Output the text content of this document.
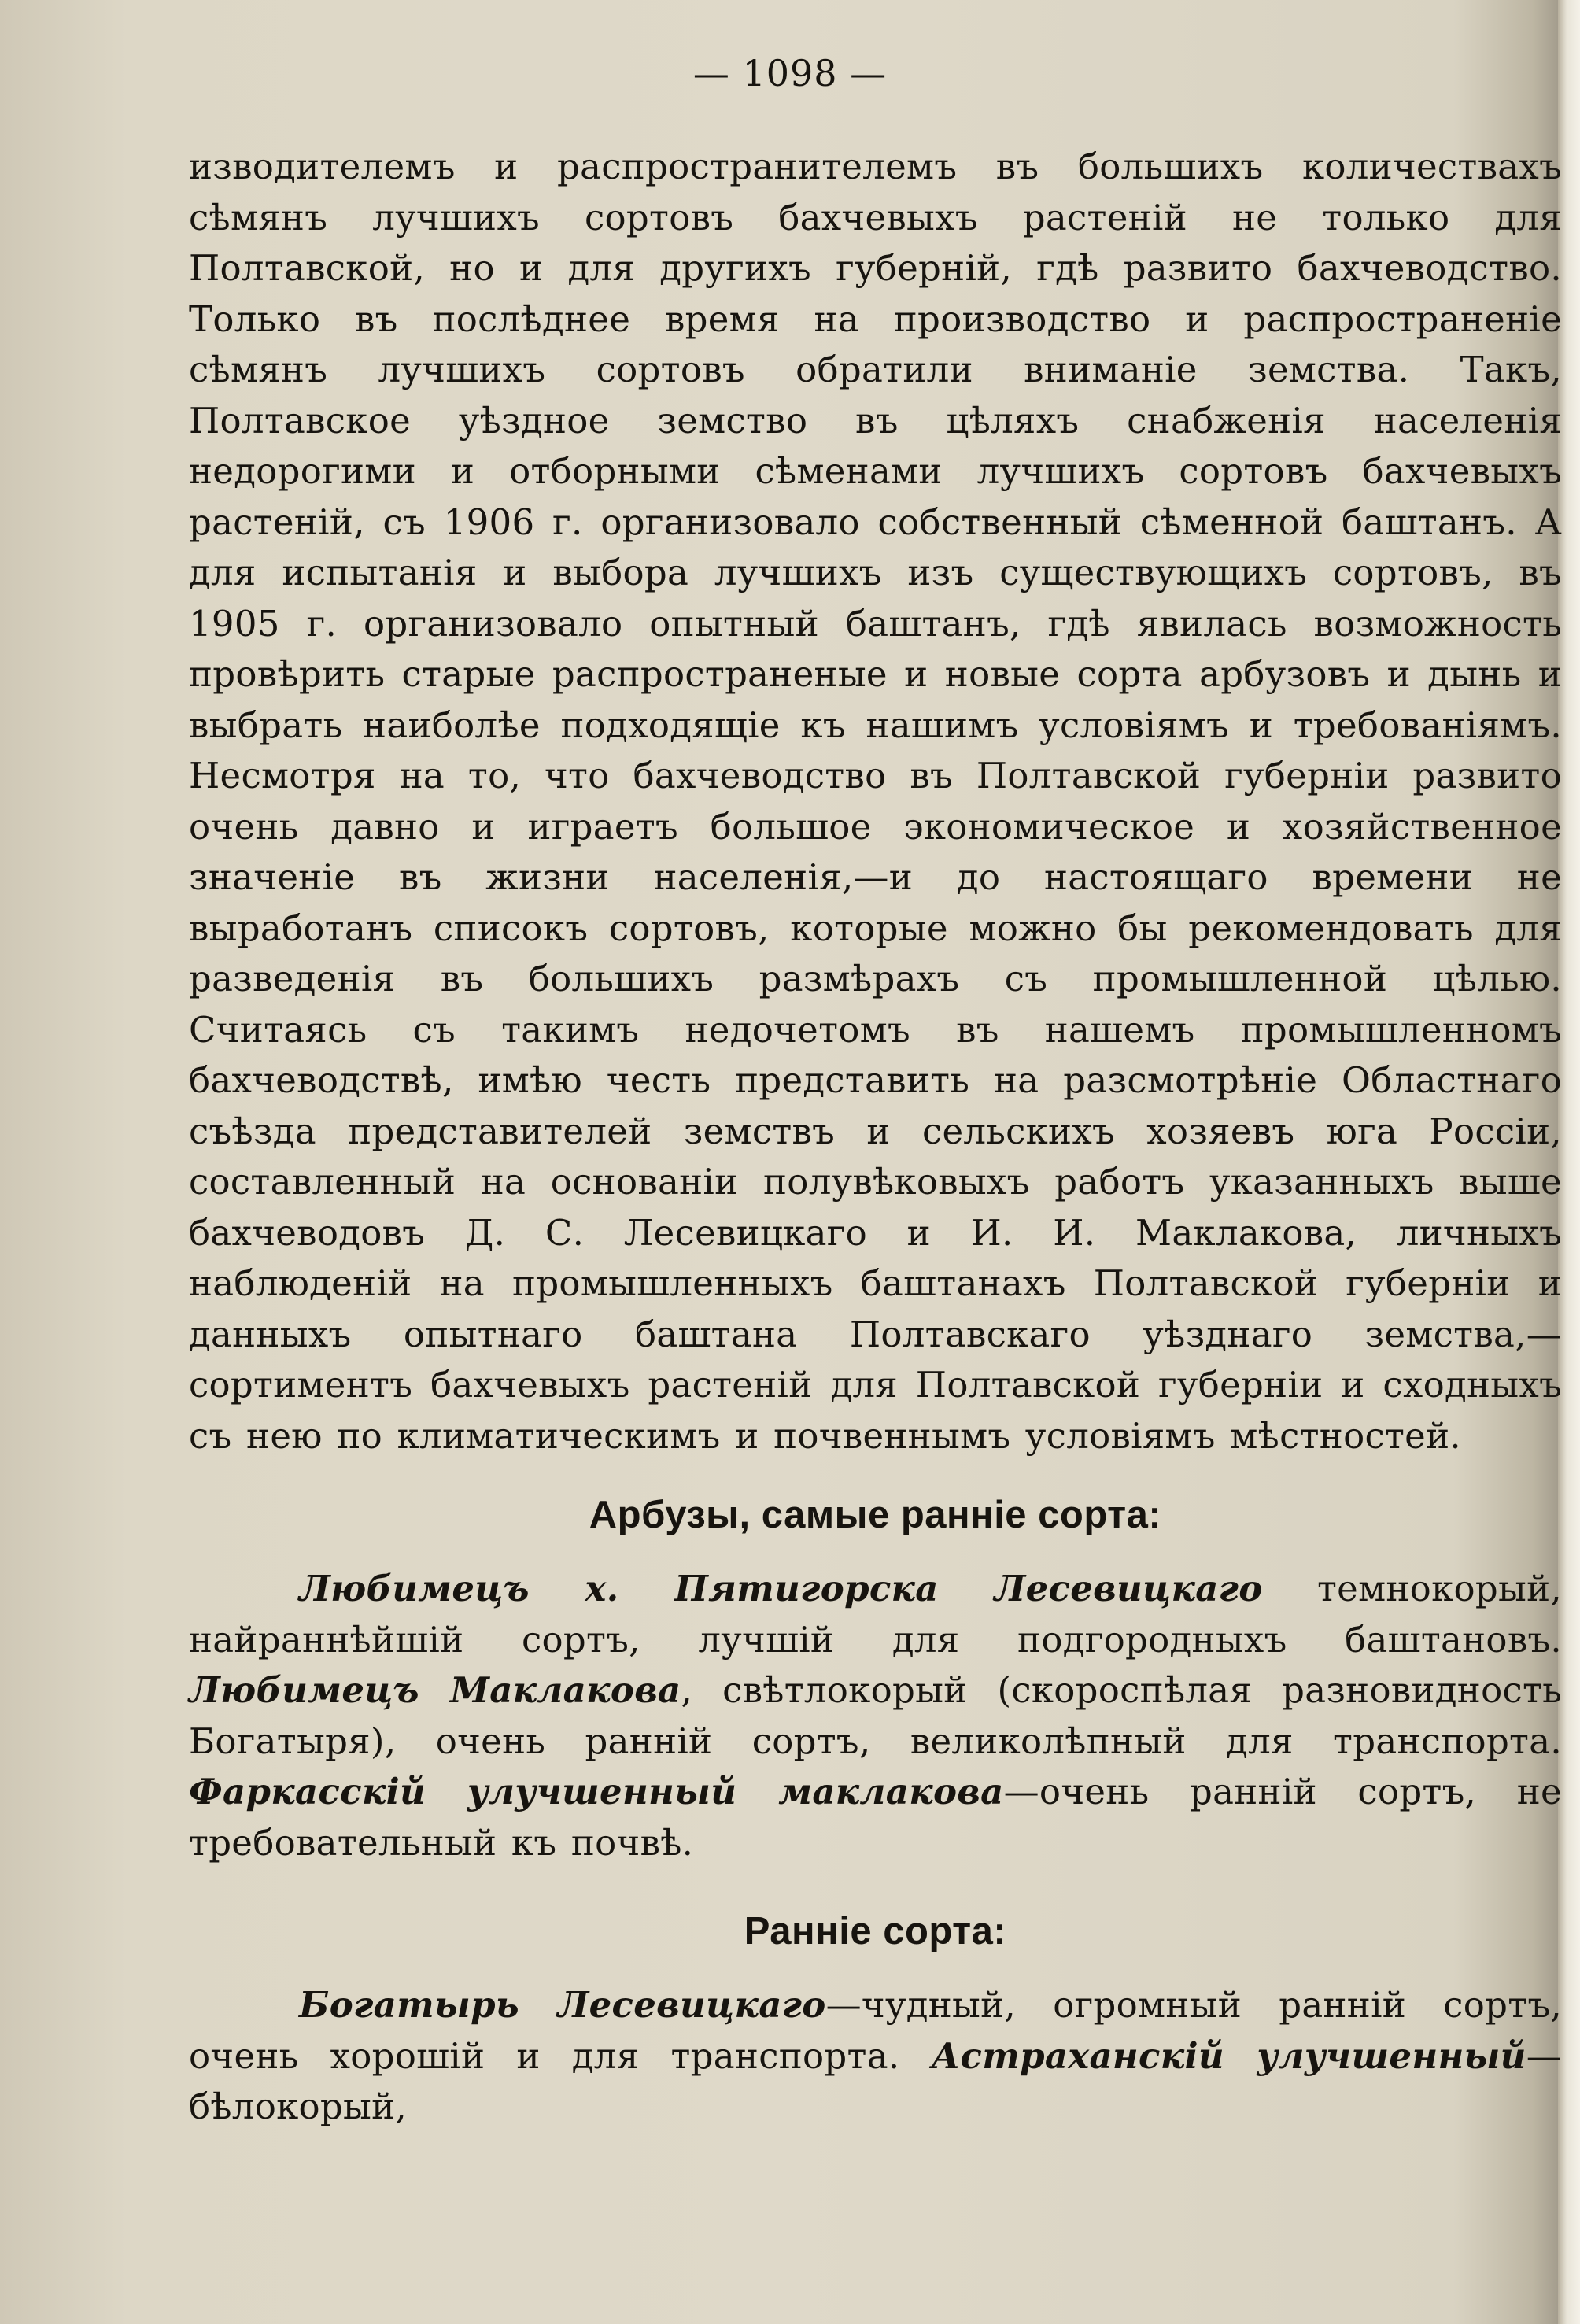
— 1098 —

изводителемъ и распространителемъ въ большихъ количествахъ сѣмянъ лучшихъ сортовъ бахчевыхъ растеній не только для Полтавской, но и для другихъ губерній, гдѣ развито бахчеводство. Только въ послѣднее время на производство и распространеніе сѣмянъ лучшихъ сортовъ обратили вниманіе земства. Такъ, Полтавское уѣздное земство въ цѣляхъ снабженія населенія недорогими и отборными сѣменами лучшихъ сортовъ бахчевыхъ растеній, съ 1906 г. организовало собственный сѣменной баштанъ. А для испытанія и выбора лучшихъ изъ существующихъ сортовъ, въ 1905 г. организовало опытный баштанъ, гдѣ явилась возможность провѣрить старые распространеные и новые сорта арбузовъ и дынь и выбрать наиболѣе подходящіе къ нашимъ условіямъ и требованіямъ. Несмотря на то, что бахчеводство въ Полтавской губерніи развито очень давно и играетъ большое экономическое и хозяйственное значеніе въ жизни населенія,—и до настоящаго времени не выработанъ списокъ сортовъ, которые можно бы рекомендовать для разведенія въ большихъ размѣрахъ съ промышленной цѣлью. Считаясь съ такимъ недочетомъ въ нашемъ промышленномъ бахчеводствѣ, имѣю честь представить на разсмотрѣніе Областнаго съѣзда представителей земствъ и сельскихъ хозяевъ юга Россіи, составленный на основаніи полувѣковыхъ работъ указанныхъ выше бахчеводовъ Д. С. Лесевицкаго и И. И. Маклакова, личныхъ наблюденій на промышленныхъ баштанахъ Полтавской губерніи и данныхъ опытнаго баштана Полтавскаго уѣзднаго земства,—сортиментъ бахчевыхъ растеній для Полтавской губерніи и сходныхъ съ нею по климатическимъ и почвеннымъ условіямъ мѣстностей.

Арбузы, самые ранніе сорта:

Любимецъ х. Пятигорска Лесевицкаго темнокорый, найраннѣйшій сортъ, лучшій для подгородныхъ баштановъ. Любимецъ Маклакова, свѣтлокорый (скороспѣлая разновидность Богатыря), очень ранній сортъ, великолѣпный для транспорта. Фаркасскій улучшенный маклакова—очень ранній сортъ, не требовательный къ почвѣ.

Ранніе сорта:

Богатырь Лесевицкаго—чудный, огромный ранній сортъ, очень хорошій и для транспорта. Астраханскій улучшенный—бѣлокорый,
